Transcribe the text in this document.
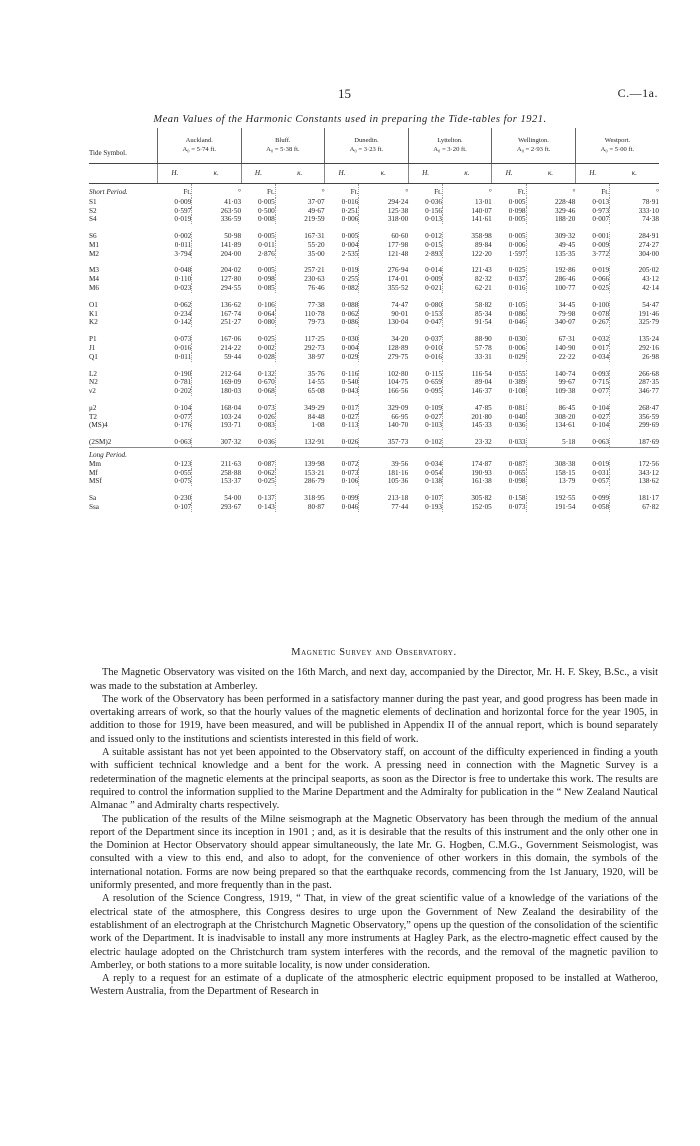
15	C.—1a.
Mean Values of the Harmonic Constants used in preparing the Tide-tables for 1921.
Tide Symbol.	Auckland.
A₀ = 5·74 ft.		Bluff.
A₀ = 5·38 ft.		Dunedin.
A₀ = 3·23 ft.		Lyttelton.
A₀ = 3·20 ft.		Wellington.
A₀ = 2·93 ft.		Westport.
A₀ = 5·00 ft.	
	H.	κ.	H.	κ.	H.	κ.	H.	κ.	H.	κ.	H.	κ.
Short Period.	Ft.	°	Ft.	°	Ft.	°	Ft.	°	Ft.	°	Ft.	°
S1	0·009	41·03	0·005	37·07	0·016	294·24	0·036	13·01	0·005	228·48	0·013	78·91
S2	0·597	263·50	0·500	49·67	0·251	125·38	0·156	140·07	0·098	329·46	0·973	333·10
S4	0·019	336·59	0·008	219·59	0·006	318·00	0·013	141·61	0·005	188·20	0·007	74·38

S6	0·002	50·98	0·005	167·31	0·005	60·60	0·012	358·98	0·005	309·32	0·001	284·91
M1	0·011	141·89	0·011	55·20	0·004	177·98	0·015	89·84	0·006	49·45	0·009	274·27
M2	3·794	204·00	2·876	35·00	2·535	121·48	2·893	122·20	1·597	135·35	3·772	304·00

M3	0·048	204·02	0·005	257·21	0·019	276·94	0·014	121·43	0·025	192·86	0·019	205·02
M4	0·110	127·80	0·098	230·63	0·255	174·01	0·009	82·32	0·037	286·46	0·066	43·12
M6	0·023	294·55	0·085	76·46	0·082	355·52	0·021	62·21	0·016	100·77	0·025	42·14

O1	0·062	136·62	0·106	77·38	0·088	74·47	0·080	58·82	0·105	34·45	0·100	54·47
K1	0·234	167·74	0·064	110·78	0·062	90·01	0·153	85·34	0·086	79·98	0·078	191·46
K2	0·142	251·27	0·080	79·73	0·086	130·04	0·047	91·54	0·046	340·07	0·267	325·79

P1	0·073	167·06	0·025	117·25	0·030	34·20	0·037	88·90	0·030	67·31	0·032	135·24
J1	0·016	214·22	0·002	292·73	0·004	128·89	0·010	57·78	0·006	140·90	0·017	292·16
Q1	0·011	59·44	0·028	38·97	0·029	279·75	0·016	33·31	0·029	22·22	0·034	26·98

L2	0·190	212·64	0·132	35·76	0·116	102·80	0·115	116·54	0·055	140·74	0·093	266·68
N2	0·781	169·09	0·670	14·55	0·540	104·75	0·659	89·04	0·389	99·67	0·715	287·35
ν2	0·202	180·03	0·068	65·08	0·043	166·56	0·095	146·37	0·108	109·38	0·077	346·77

μ2	0·104	168·04	0·073	349·29	0·017	329·09	0·109	47·85	0·081	86·45	0·104	268·47
T2	0·077	103·24	0·026	84·48	0·027	66·95	0·027	201·80	0·040	308·20	0·027	356·59
(MS)4	0·176	193·71	0·083	1·08	0·113	140·70	0·103	145·33	0·036	134·61	0·104	299·69

(2SM)2	0·063	307·32	0·036	132·91	0·026	357·73	0·102	23·32	0·033	5·18	0·063	187·69
Long Period.												
Mm	0·123	211·63	0·087	139·98	0·072	39·56	0·034	174·87	0·087	308·38	0·019	172·56
Mf	0·055	258·88	0·062	153·21	0·073	181·16	0·054	190·93	0·065	158·15	0·031	343·12
MSf	0·075	153·37	0·025	286·79	0·106	105·36	0·138	161·38	0·098	13·79	0·057	138·62

Sa	0·230	54·00	0·137	318·95	0·099	213·18	0·107	305·82	0·158	192·55	0·099	181·17
Ssa	0·107	293·67	0·143	80·87	0·046	77·44	0·193	152·05	0·073	191·54	0·058	67·82
Magnetic Survey and Observatory.

The Magnetic Observatory was visited on the 16th March, and next day, accompanied by the Director, Mr. H. F. Skey, B.Sc., a visit was made to the substation at Amberley.

The work of the Observatory has been performed in a satisfactory manner during the past year, and good progress has been made in overtaking arrears of work, so that the hourly values of the magnetic elements of declination and horizontal force for the year 1905, in addition to those for 1919, have been measured, and will be published in Appendix II of the annual report, which is bound separately and issued only to the institutions and scientists interested in this field of work.

A suitable assistant has not yet been appointed to the Observatory staff, on account of the difficulty experienced in finding a youth with sufficient technical knowledge and a bent for the work. A pressing need in connection with the Magnetic Survey is a redetermination of the magnetic elements at the principal seaports, as soon as the Director is free to undertake this work. The results are required to control the information supplied to the Marine Department and the Admiralty for publication in the “ New Zealand Nautical Almanac ” and Admiralty charts respectively.

The publication of the results of the Milne seismograph at the Magnetic Observatory has been through the medium of the annual report of the Department since its inception in 1901 ; and, as it is desirable that the results of this instrument and the only other one in the Dominion at Hector Observatory should appear simultaneously, the late Mr. G. Hogben, C.M.G., Government Seismologist, was consulted with a view to this end, and also to adopt, for the convenience of other workers in this domain, the symbols of the international notation. Forms are now being prepared so that the earthquake records, commencing from the 1st January, 1920, will be uniformly presented, and more frequently than in the past.

A resolution of the Science Congress, 1919, “ That, in view of the great scientific value of a knowledge of the variations of the electrical state of the atmosphere, this Congress desires to urge upon the Government of New Zealand the desirability of the establishment of an electrograph at the Christchurch Magnetic Observatory,” opens up the question of the consolidation of the scientific work of the Department. It is inadvisable to install any more instruments at Hagley Park, as the electro-magnetic effect caused by the electric haulage adopted on the Christchurch tram system interferes with the records, and the removal of the magnetic pavilion to Amberley, or both stations to a more suitable locality, is now under consideration.

A reply to a request for an estimate of a duplicate of the atmospheric electric equipment proposed to be installed at Watheroo, Western Australia, from the Department of Research in
